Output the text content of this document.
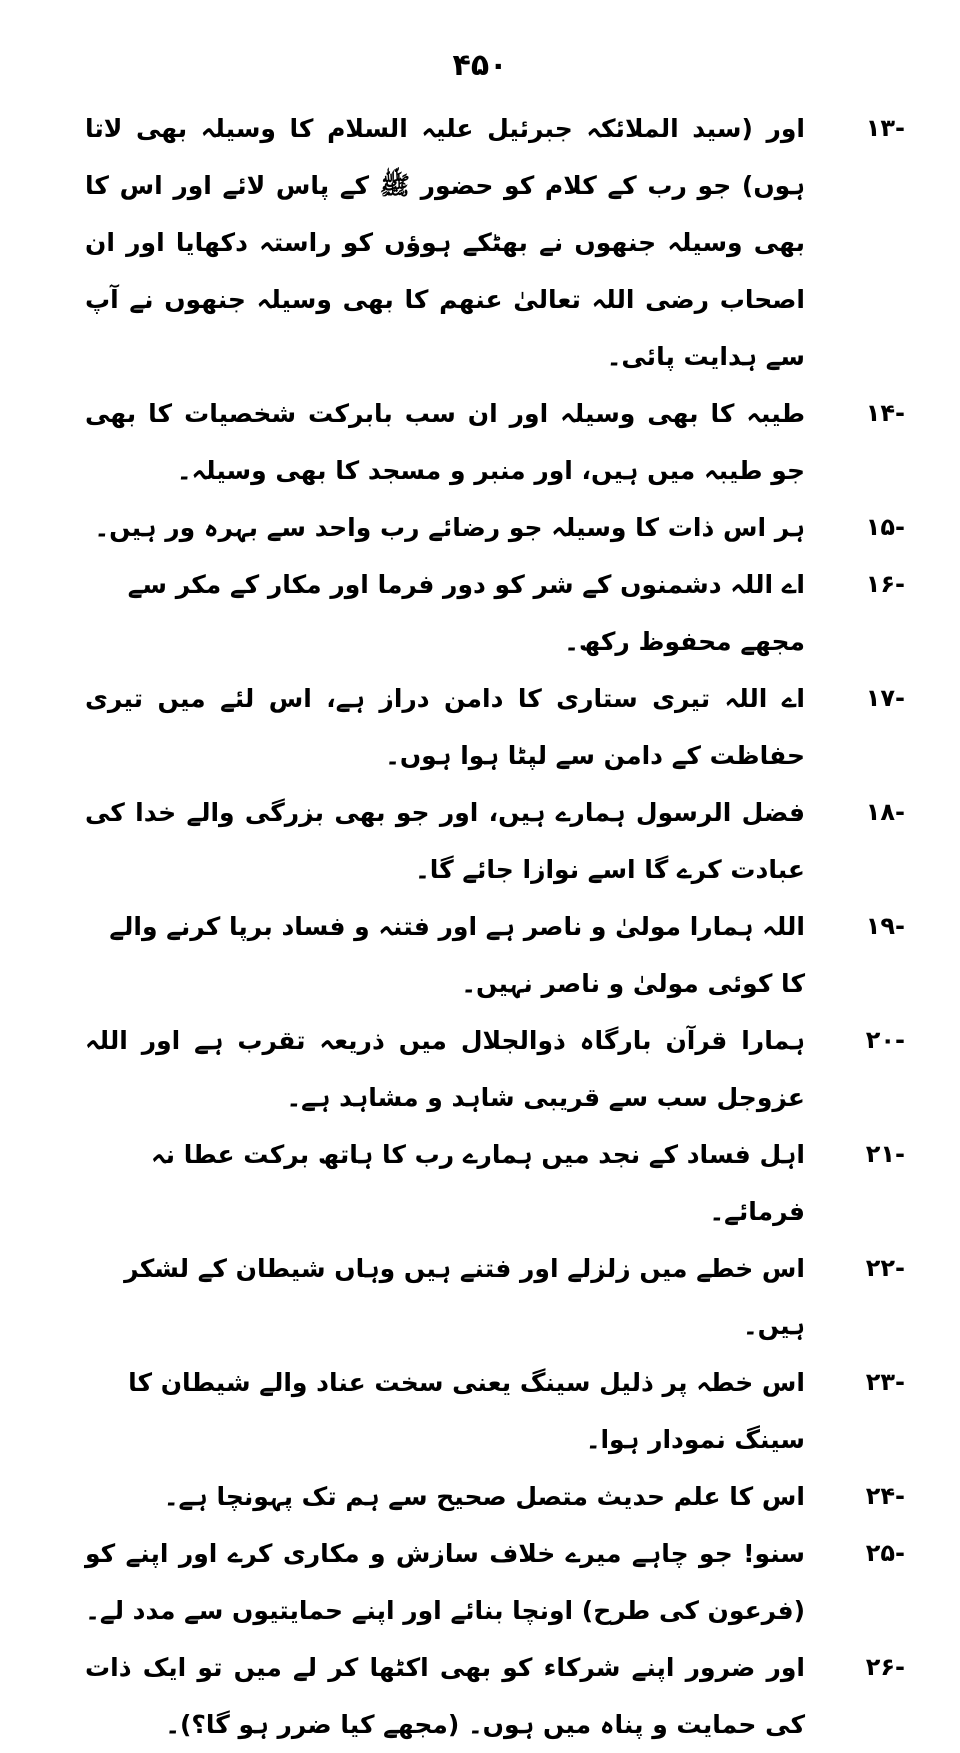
۴۵۰
-۱۳
اور (سید الملائکہ جبرئیل علیہ السلام کا وسیلہ بھی لاتا ہوں) جو رب کے کلام کو حضور ﷺ کے پاس لائے اور اس کا بھی وسیلہ جنھوں نے بھٹکے ہوؤں کو راستہ دکھایا اور ان اصحاب رضی اللہ تعالیٰ عنھم کا بھی وسیلہ جنھوں نے آپ سے ہدایت پائی۔
-۱۴
طیبہ کا بھی وسیلہ اور ان سب بابرکت شخصیات کا بھی جو طیبہ میں ہیں، اور منبر و مسجد کا بھی وسیلہ۔
-۱۵
ہر اس ذات کا وسیلہ جو رضائے رب واحد سے بہرہ ور ہیں۔
-۱۶
اے اللہ دشمنوں کے شر کو دور فرما اور مکار کے مکر سے مجھے محفوظ رکھ۔
-۱۷
اے اللہ تیری ستاری کا دامن دراز ہے، اس لئے میں تیری حفاظت کے دامن سے لپٹا ہوا ہوں۔
-۱۸
فضل الرسول ہمارے ہیں، اور جو بھی بزرگی والے خدا کی عبادت کرے گا اسے نوازا جائے گا۔
-۱۹
اللہ ہمارا مولیٰ و ناصر ہے اور فتنہ و فساد برپا کرنے والے کا کوئی مولیٰ و ناصر نہیں۔
-۲۰
ہمارا قرآن بارگاہ ذوالجلال میں ذریعہ تقرب ہے اور اللہ عزوجل سب سے قریبی شاہد و مشاہد ہے۔
-۲۱
اہل فساد کے نجد میں ہمارے رب کا ہاتھ برکت عطا نہ فرمائے۔
-۲۲
اس خطے میں زلزلے اور فتنے ہیں وہاں شیطان کے لشکر ہیں۔
-۲۳
اس خطہ پر ذلیل سینگ یعنی سخت عناد والے شیطان کا سینگ نمودار ہوا۔
-۲۴
اس کا علم حدیث متصل صحیح سے ہم تک پہونچا ہے۔
-۲۵
سنو! جو چاہے میرے خلاف سازش و مکاری کرے اور اپنے کو (فرعون کی طرح) اونچا بنائے اور اپنے حمایتیوں سے مدد لے۔
-۲۶
اور ضرور اپنے شرکاء کو بھی اکٹھا کر لے میں تو ایک ذات کی حمایت و پناہ میں ہوں۔ (مجھے کیا ضرر ہو گا؟)۔
